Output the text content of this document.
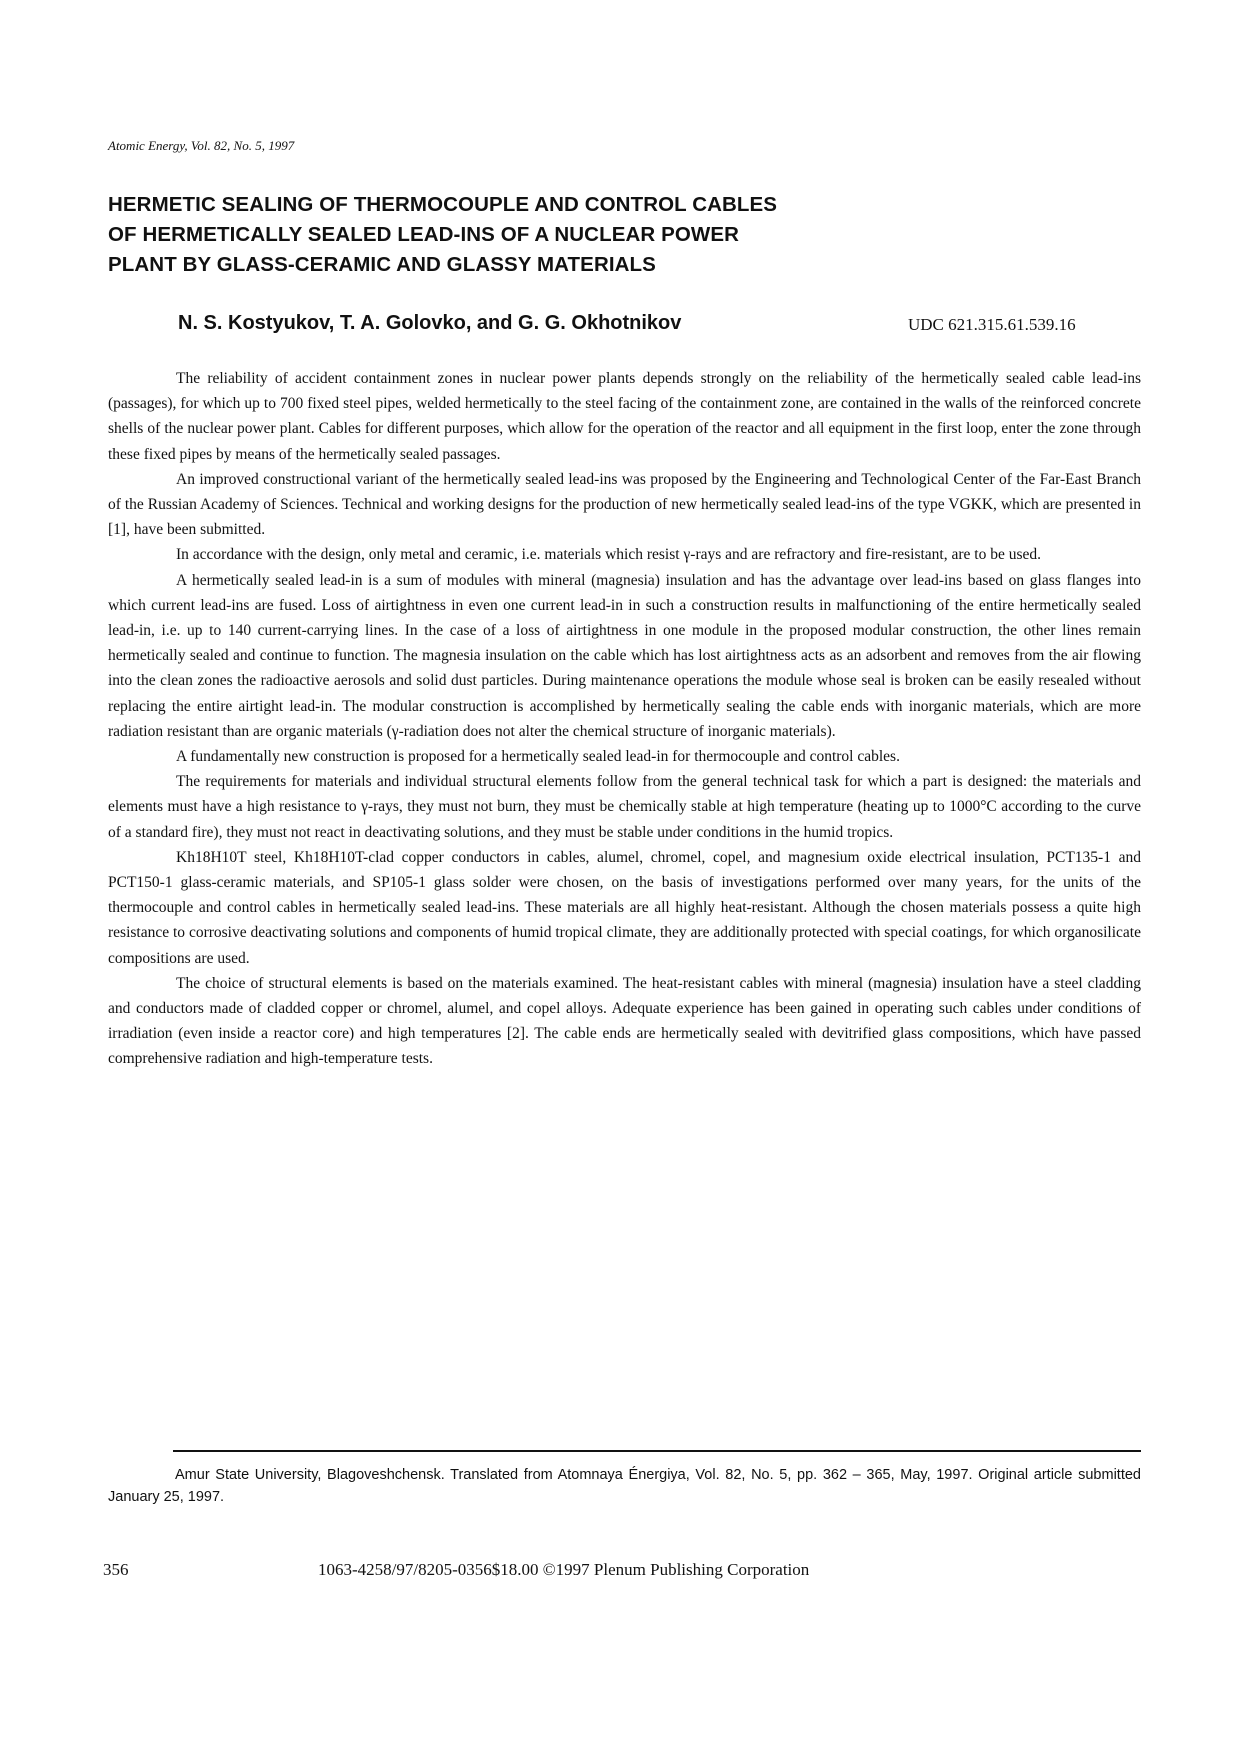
Atomic Energy, Vol. 82, No. 5, 1997
HERMETIC SEALING OF THERMOCOUPLE AND CONTROL CABLES
OF HERMETICALLY SEALED LEAD-INS OF A NUCLEAR POWER
PLANT BY GLASS-CERAMIC AND GLASSY MATERIALS
N. S. Kostyukov, T. A. Golovko, and G. G. Okhotnikov	UDC 621.315.61.539.16

The reliability of accident containment zones in nuclear power plants depends strongly on the reliability of the hermetically sealed cable lead-ins (passages), for which up to 700 fixed steel pipes, welded hermetically to the steel facing of the containment zone, are contained in the walls of the reinforced concrete shells of the nuclear power plant. Cables for different purposes, which allow for the operation of the reactor and all equipment in the first loop, enter the zone through these fixed pipes by means of the hermetically sealed passages.

An improved constructional variant of the hermetically sealed lead-ins was proposed by the Engineering and Technological Center of the Far-East Branch of the Russian Academy of Sciences. Technical and working designs for the production of new hermetically sealed lead-ins of the type VGKK, which are presented in [1], have been submitted.

In accordance with the design, only metal and ceramic, i.e. materials which resist γ-rays and are refractory and fire-resistant, are to be used.

A hermetically sealed lead-in is a sum of modules with mineral (magnesia) insulation and has the advantage over lead-ins based on glass flanges into which current lead-ins are fused. Loss of airtightness in even one current lead-in in such a construction results in malfunctioning of the entire hermetically sealed lead-in, i.e. up to 140 current-carrying lines. In the case of a loss of airtightness in one module in the proposed modular construction, the other lines remain hermetically sealed and continue to function. The magnesia insulation on the cable which has lost airtightness acts as an adsorbent and removes from the air flowing into the clean zones the radioactive aerosols and solid dust particles. During maintenance operations the module whose seal is broken can be easily resealed without replacing the entire airtight lead-in. The modular construction is accomplished by hermetically sealing the cable ends with inorganic materials, which are more radiation resistant than are organic materials (γ-radiation does not alter the chemical structure of inorganic materials).

A fundamentally new construction is proposed for a hermetically sealed lead-in for thermocouple and control cables.

The requirements for materials and individual structural elements follow from the general technical task for which a part is designed: the materials and elements must have a high resistance to γ-rays, they must not burn, they must be chemically stable at high temperature (heating up to 1000°C according to the curve of a standard fire), they must not react in deactivating solutions, and they must be stable under conditions in the humid tropics.

Kh18H10T steel, Kh18H10T-clad copper conductors in cables, alumel, chromel, copel, and magnesium oxide electrical insulation, PCT135-1 and PCT150-1 glass-ceramic materials, and SP105-1 glass solder were chosen, on the basis of investigations performed over many years, for the units of the thermocouple and control cables in hermetically sealed lead-ins. These materials are all highly heat-resistant. Although the chosen materials possess a quite high resistance to corrosive deactivating solutions and components of humid tropical climate, they are additionally protected with special coatings, for which organosilicate compositions are used.

The choice of structural elements is based on the materials examined. The heat-resistant cables with mineral (magnesia) insulation have a steel cladding and conductors made of cladded copper or chromel, alumel, and copel alloys. Adequate experience has been gained in operating such cables under conditions of irradiation (even inside a reactor core) and high temperatures [2]. The cable ends are hermetically sealed with devitrified glass compositions, which have passed comprehensive radiation and high-temperature tests.

Amur State University, Blagoveshchensk. Translated from Atomnaya Énergiya, Vol. 82, No. 5, pp. 362 – 365, May, 1997. Original article submitted January 25, 1997.
356	1063-4258/97/8205-0356$18.00 ©1997 Plenum Publishing Corporation
